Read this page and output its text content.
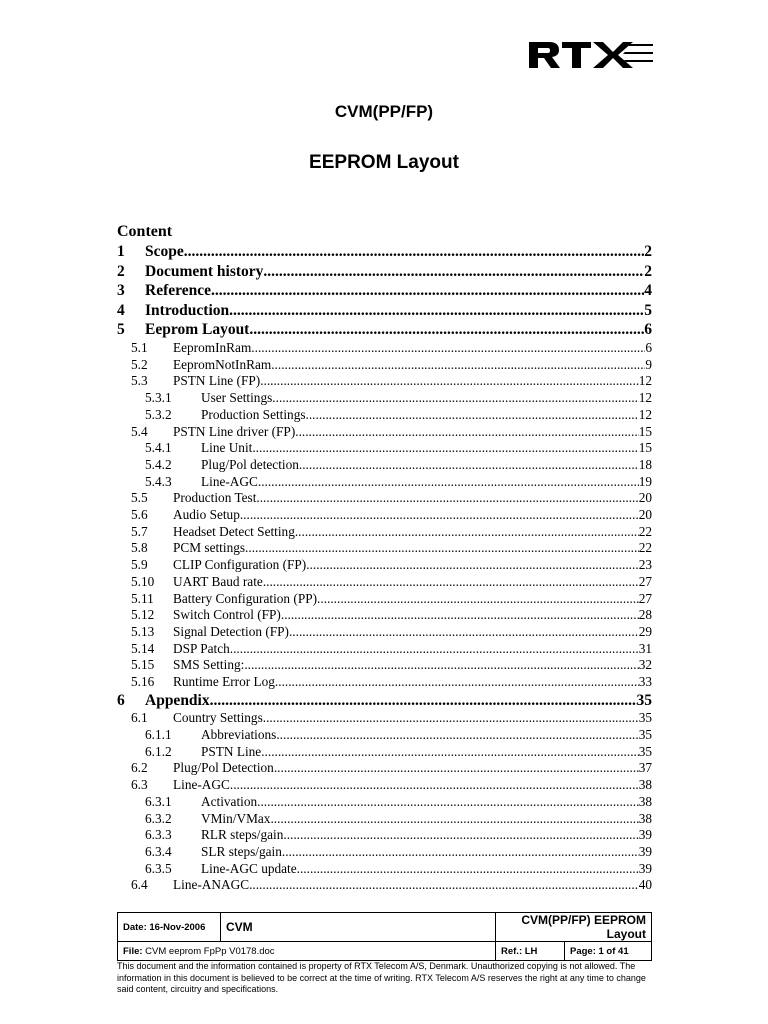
CVM(PP/FP)
EEPROM Layout
Content
1	Scope .....	2
2	Document history .....	2
3	Reference .....	4
4	Introduction .....	5
5	Eeprom Layout .....	6
5.1	EepromInRam .....	6
5.2	EepromNotInRam .....	9
5.3	PSTN Line (FP) .....	12
5.3.1	User Settings .....	12
5.3.2	Production Settings .....	12
5.4	PSTN Line driver (FP). .....	15
5.4.1	Line Unit .....	15
5.4.2	Plug/Pol detection .....	18
5.4.3	Line-AGC .....	19
5.5	Production Test .....	20
5.6	Audio Setup .....	20
5.7	Headset Detect Setting .....	22
5.8	PCM settings .....	22
5.9	CLIP Configuration (FP) .....	23
5.10	UART Baud rate .....	27
5.11	Battery Configuration (PP) .....	27
5.12	Switch Control (FP) .....	28
5.13	Signal Detection (FP) .....	29
5.14	DSP Patch .....	31
5.15	SMS Setting: .....	32
5.16	Runtime Error Log .....	33
6	Appendix .....	35
6.1	Country Settings. .....	35
6.1.1	Abbreviations .....	35
6.1.2	PSTN Line .....	35
6.2	Plug/Pol Detection .....	37
6.3	Line-AGC .....	38
6.3.1	Activation .....	38
6.3.2	VMin/VMax .....	38
6.3.3	RLR steps/gain .....	39
6.3.4	SLR steps/gain .....	39
6.3.5	Line-AGC update .....	39
6.4	Line-ANAGC. .....	40
Date: 16-Nov-2006	CVM	CVM(PP/FP) EEPROM Layout	
File: CVM eeprom FpPp V0178.doc		Ref.: LH	Page: 1 of 41
This document and the information contained is property of RTX Telecom A/S, Denmark. Unauthorized copying is not allowed. The information in this document is believed to be correct at the time of writing. RTX Telecom A/S reserves the right at any time to change said content, circuitry and specifications.
